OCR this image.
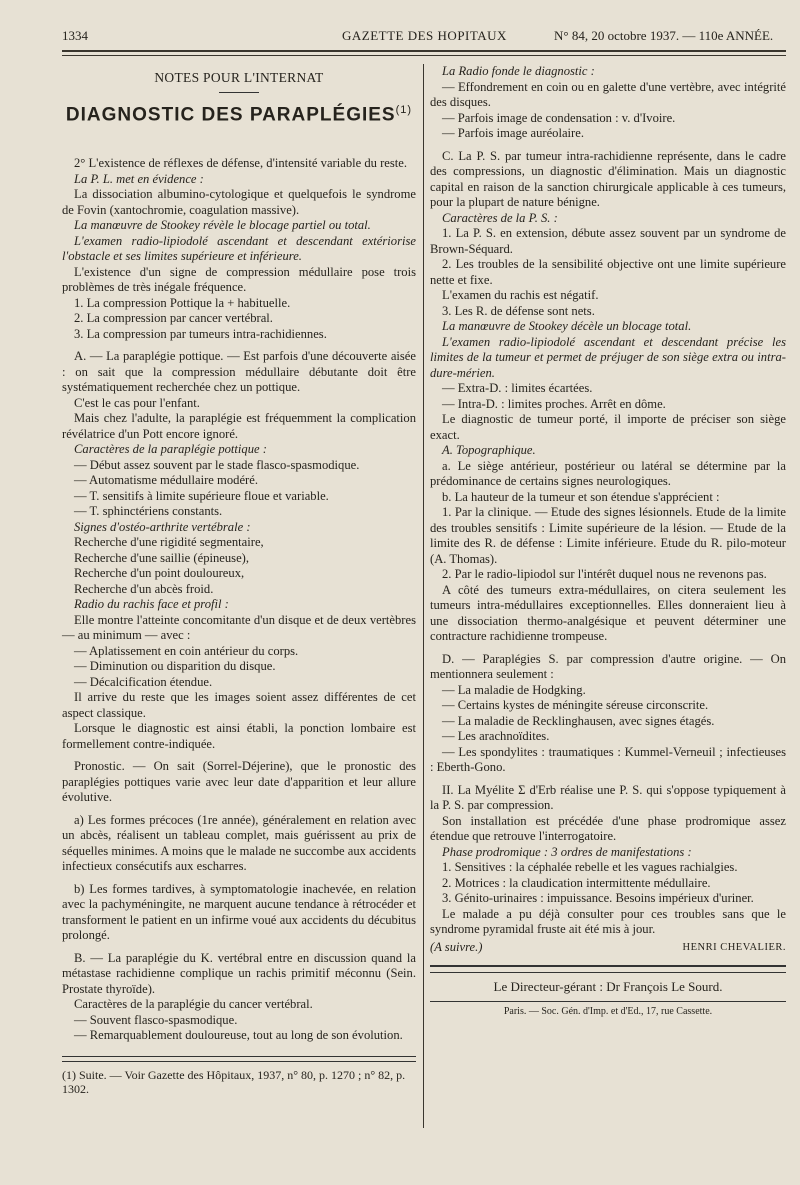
1334	GAZETTE DES HOPITAUX	N° 84, 20 octobre 1937. — 110e ANNÉE.
NOTES POUR L'INTERNAT
DIAGNOSTIC DES PARAPLÉGIES$^{(1)}$

2° L'existence de réflexes de défense, d'intensité variable du reste.

La P. L. met en évidence :

La dissociation albumino-cytologique et quelquefois le syndrome de Fovin (xantochromie, coagulation massive).

La manœuvre de Stookey révèle le blocage partiel ou total.

L'examen radio-lipiodolé ascendant et descendant extériorise l'obstacle et ses limites supérieure et inférieure.

L'existence d'un signe de compression médullaire pose trois problèmes de très inégale fréquence.

1. La compression Pottique la + habituelle.

2. La compression par cancer vertébral.

3. La compression par tumeurs intra-rachidiennes.

A. — La paraplégie pottique. — Est parfois d'une découverte aisée : on sait que la compression médullaire débutante doit être systématiquement recherchée chez un pottique.

C'est le cas pour l'enfant.

Mais chez l'adulte, la paraplégie est fréquemment la complication révélatrice d'un Pott encore ignoré.

Caractères de la paraplégie pottique :

— Début assez souvent par le stade flasco-spasmodique.

— Automatisme médullaire modéré.

— T. sensitifs à limite supérieure floue et variable.

— T. sphinctériens constants.

Signes d'ostéo-arthrite vertébrale :

Recherche d'une rigidité segmentaire,

Recherche d'une saillie (épineuse),

Recherche d'un point douloureux,

Recherche d'un abcès froid.

Radio du rachis face et profil :

Elle montre l'atteinte concomitante d'un disque et de deux vertèbres — au minimum — avec :

— Aplatissement en coin antérieur du corps.

— Diminution ou disparition du disque.

— Décalcification étendue.

Il arrive du reste que les images soient assez différentes de cet aspect classique.

Lorsque le diagnostic est ainsi établi, la ponction lombaire est formellement contre-indiquée.

Pronostic. — On sait (Sorrel-Déjerine), que le pronostic des paraplégies pottiques varie avec leur date d'apparition et leur allure évolutive.

a) Les formes précoces (1re année), généralement en relation avec un abcès, réalisent un tableau complet, mais guérissent au prix de séquelles minimes. A moins que le malade ne succombe aux accidents infectieux consécutifs aux escharres.

b) Les formes tardives, à symptomatologie inachevée, en relation avec la pachyméningite, ne marquent aucune tendance à rétrocéder et transforment le patient en un infirme voué aux accidents du décubitus prolongé.

B. — La paraplégie du K. vertébral entre en discussion quand la métastase rachidienne complique un rachis primitif méconnu (Sein. Prostate thyroïde).

Caractères de la paraplégie du cancer vertébral.

— Souvent flasco-spasmodique.

— Remarquablement douloureuse, tout au long de son évolution.

(1) Suite. — Voir Gazette des Hôpitaux, 1937, n° 80, p. 1270 ; n° 82, p. 1302.

La Radio fonde le diagnostic :

— Effondrement en coin ou en galette d'une vertèbre, avec intégrité des disques.

— Parfois image de condensation : v. d'Ivoire.

— Parfois image auréolaire.

C. La P. S. par tumeur intra-rachidienne représente, dans le cadre des compressions, un diagnostic d'élimination. Mais un diagnostic capital en raison de la sanction chirurgicale applicable à ces tumeurs, pour la plupart de nature bénigne.

Caractères de la P. S. :

1. La P. S. en extension, débute assez souvent par un syndrome de Brown-Séquard.

2. Les troubles de la sensibilité objective ont une limite supérieure nette et fixe.

L'examen du rachis est négatif.

3. Les R. de défense sont nets.

La manœuvre de Stookey décèle un blocage total.

L'examen radio-lipiodolé ascendant et descendant précise les limites de la tumeur et permet de préjuger de son siège extra ou intra-dure-mérien.

— Extra-D. : limites écartées.

— Intra-D. : limites proches. Arrêt en dôme.

Le diagnostic de tumeur porté, il importe de préciser son siège exact.

A. Topographique.

a. Le siège antérieur, postérieur ou latéral se détermine par la prédominance de certains signes neurologiques.

b. La hauteur de la tumeur et son étendue s'apprécient :

1. Par la clinique. — Etude des signes lésionnels. Etude de la limite des troubles sensitifs : Limite supérieure de la lésion. — Etude de la limite des R. de défense : Limite inférieure. Etude du R. pilo-moteur (A. Thomas).

2. Par le radio-lipiodol sur l'intérêt duquel nous ne revenons pas.

A côté des tumeurs extra-médullaires, on citera seulement les tumeurs intra-médullaires exceptionnelles. Elles donneraient lieu à une dissociation thermo-analgésique et peuvent déterminer une contracture rachidienne trompeuse.

D. — Paraplégies S. par compression d'autre origine. — On mentionnera seulement :

— La maladie de Hodgking.

— Certains kystes de méningite séreuse circonscrite.

— La maladie de Recklinghausen, avec signes étagés.

— Les arachnoïdites.

— Les spondylites : traumatiques : Kummel-Verneuil ; infectieuses : Eberth-Gono.

II. La Myélite Σ d'Erb réalise une P. S. qui s'oppose typiquement à la P. S. par compression.

Son installation est précédée d'une phase prodromique assez étendue que retrouve l'interrogatoire.

Phase prodromique : 3 ordres de manifestations :

1. Sensitives : la céphalée rebelle et les vagues rachialgies.

2. Motrices : la claudication intermittente médullaire.

3. Génito-urinaires : impuissance. Besoins impérieux d'uriner.

Le malade a pu déjà consulter pour ces troubles sans que le syndrome pyramidal fruste ait été mis à jour.

(A suivre.)	HENRI CHEVALIER.
Le Directeur-gérant : Dr François Le Sourd.
Paris. — Soc. Gén. d'Imp. et d'Ed., 17, rue Cassette.
